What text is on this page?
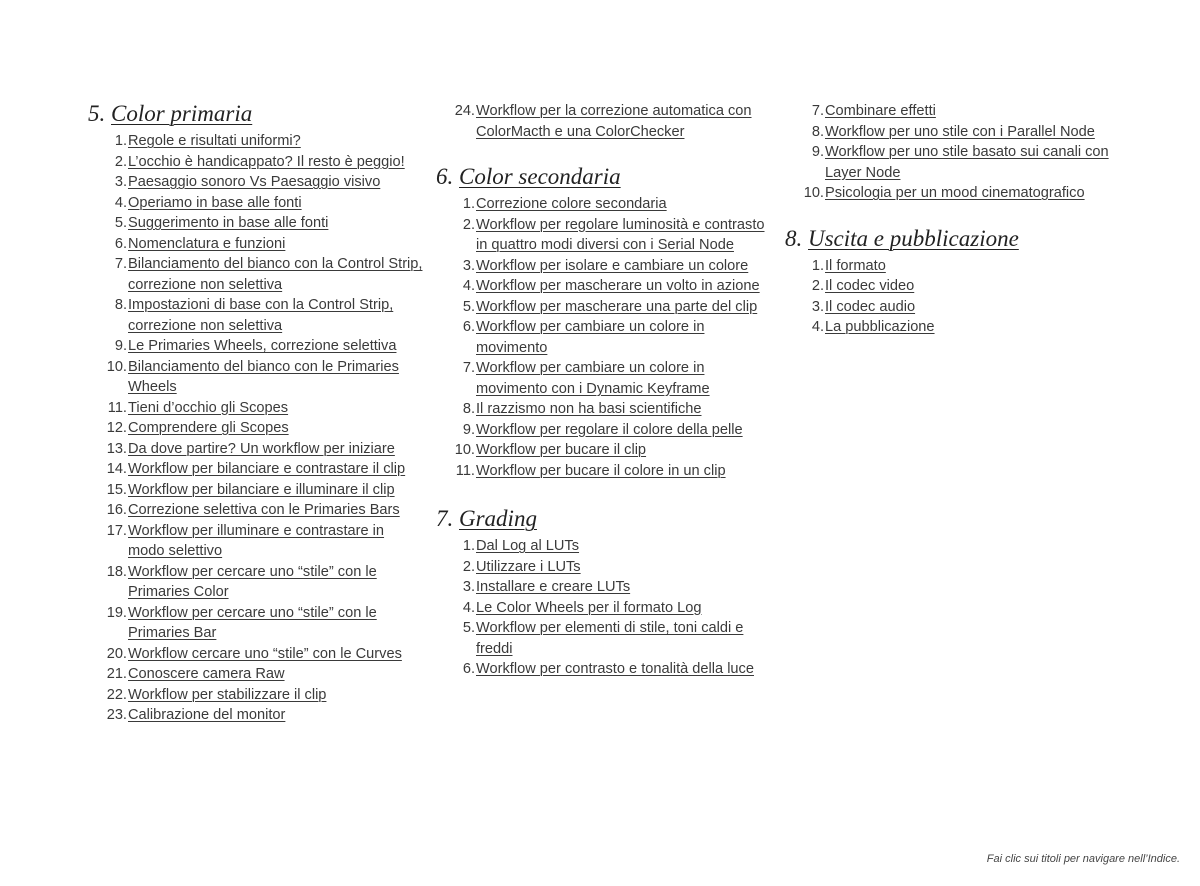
5. Color primaria
1. Regole e risultati uniformi?
2. L’occhio è handicappato? Il resto è peggio!
3. Paesaggio sonoro Vs Paesaggio visivo
4. Operiamo in base alle fonti
5. Suggerimento in base alle fonti
6. Nomenclatura e funzioni
7. Bilanciamento del bianco con la Control Strip, correzione non selettiva
8. Impostazioni di base con la Control Strip, correzione non selettiva
9. Le Primaries Wheels, correzione selettiva
10. Bilanciamento del bianco con le Primaries Wheels
11. Tieni d’occhio gli Scopes
12. Comprendere gli Scopes
13. Da dove partire? Un workflow per iniziare
14. Workflow per bilanciare e contrastare il clip
15. Workflow per bilanciare e illuminare il clip
16. Correzione selettiva con le Primaries Bars
17. Workflow per illuminare e contrastare in modo selettivo
18. Workflow per cercare uno “stile” con le Primaries Color
19. Workflow per cercare uno “stile” con le Primaries Bar
20. Workflow cercare uno “stile” con le Curves
21. Conoscere camera Raw
22. Workflow per stabilizzare il clip
23. Calibrazione del monitor
24. Workflow per la correzione automatica con ColorMacth e una ColorChecker
6. Color secondaria
1. Correzione colore secondaria
2. Workflow per regolare luminosità e contrasto in quattro modi diversi con i Serial Node
3. Workflow per isolare e cambiare un colore
4. Workflow per mascherare un volto in azione
5. Workflow per mascherare una parte del clip
6. Workflow per cambiare un colore in movimento
7. Workflow per cambiare un colore in movimento con i Dynamic Keyframe
8. Il razzismo non ha basi scientifiche
9. Workflow per regolare il colore della pelle
10. Workflow per bucare il clip
11. Workflow per bucare il colore in un clip
7. Grading
1. Dal Log al LUTs
2. Utilizzare i LUTs
3. Installare e creare LUTs
4. Le Color Wheels per il formato Log
5. Workflow per elementi di stile, toni caldi e freddi
6. Workflow per contrasto e tonalità della luce
7. Combinare effetti
8. Workflow per uno stile con i Parallel Node
9. Workflow per uno stile basato sui canali con Layer Node
10. Psicologia per un mood cinematografico
8. Uscita e pubblicazione
1. Il formato
2. Il codec video
3. Il codec audio
4. La pubblicazione
Fai clic sui titoli per navigare nell’Indice.
